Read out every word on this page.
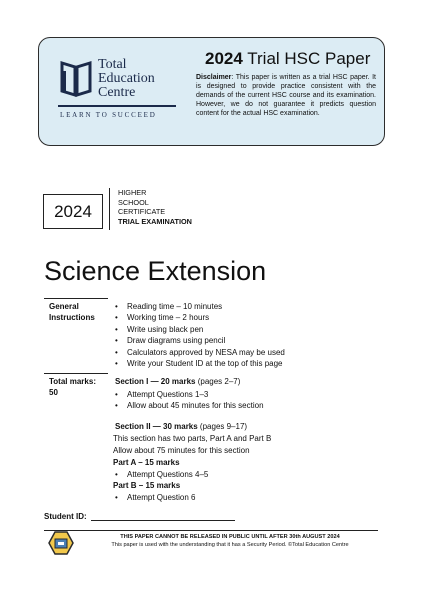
Total
Education
Centre
LEARN TO SUCCEED
2024 Trial HSC Paper
Disclaimer: This paper is written as a trial HSC paper. It is designed to provide practice consistent with the demands of the current HSC course and its examination. However, we do not guarantee it predicts question content for the actual HSC examination.
2024
HIGHER
SCHOOL
CERTIFICATE
TRIAL EXAMINATION
Science Extension
General
Instructions
• Reading time – 10 minutes
• Working time – 2 hours
• Write using black pen
• Draw diagrams using pencil
• Calculators approved by NESA may be used
• Write your Student ID at the top of this page
Total marks:
50
Section I — 20 marks (pages 2–7)
• Attempt Questions 1–3
• Allow about 45 minutes for this section
Section II — 30 marks (pages 9–17)
This section has two parts, Part A and Part B
Allow about 75 minutes for this section
Part A – 15 marks
• Attempt Questions 4–5
Part B – 15 marks
• Attempt Question 6
Student ID:
THIS PAPER CANNOT BE RELEASED IN PUBLIC UNTIL AFTER 30th AUGUST 2024
This paper is used with the understanding that it has a Security Period. ©Total Education Centre
